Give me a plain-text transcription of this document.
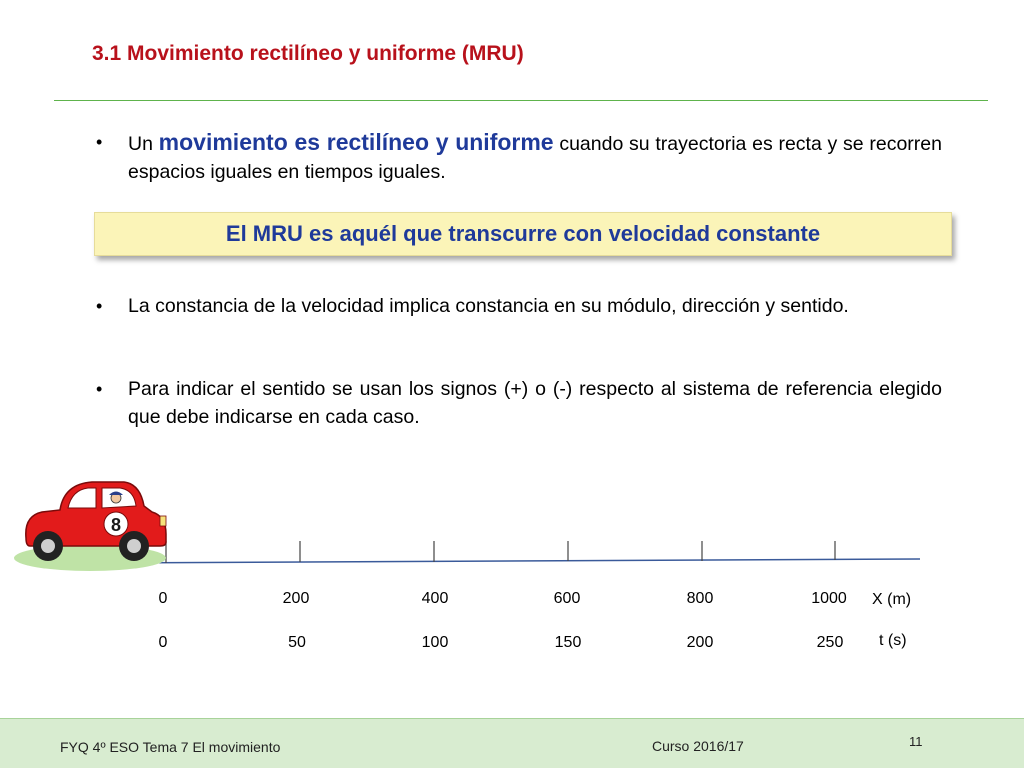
3.1 Movimiento rectilíneo y uniforme (MRU)
• Un movimiento es rectilíneo y uniforme cuando su trayectoria es recta y se recorren espacios iguales en tiempos iguales.
El MRU es aquél que transcurre con velocidad constante
• La constancia de la velocidad implica constancia en su módulo, dirección y sentido.
• Para indicar el sentido se usan los signos (+) o (-) respecto al sistema de referencia elegido que debe indicarse en cada caso.
8
0	200	400	600	800	1000 X (m)
0	50	100	150	200	250 t (s)
FYQ 4º ESO Tema 7 El movimiento	Curso 2016/17	11
